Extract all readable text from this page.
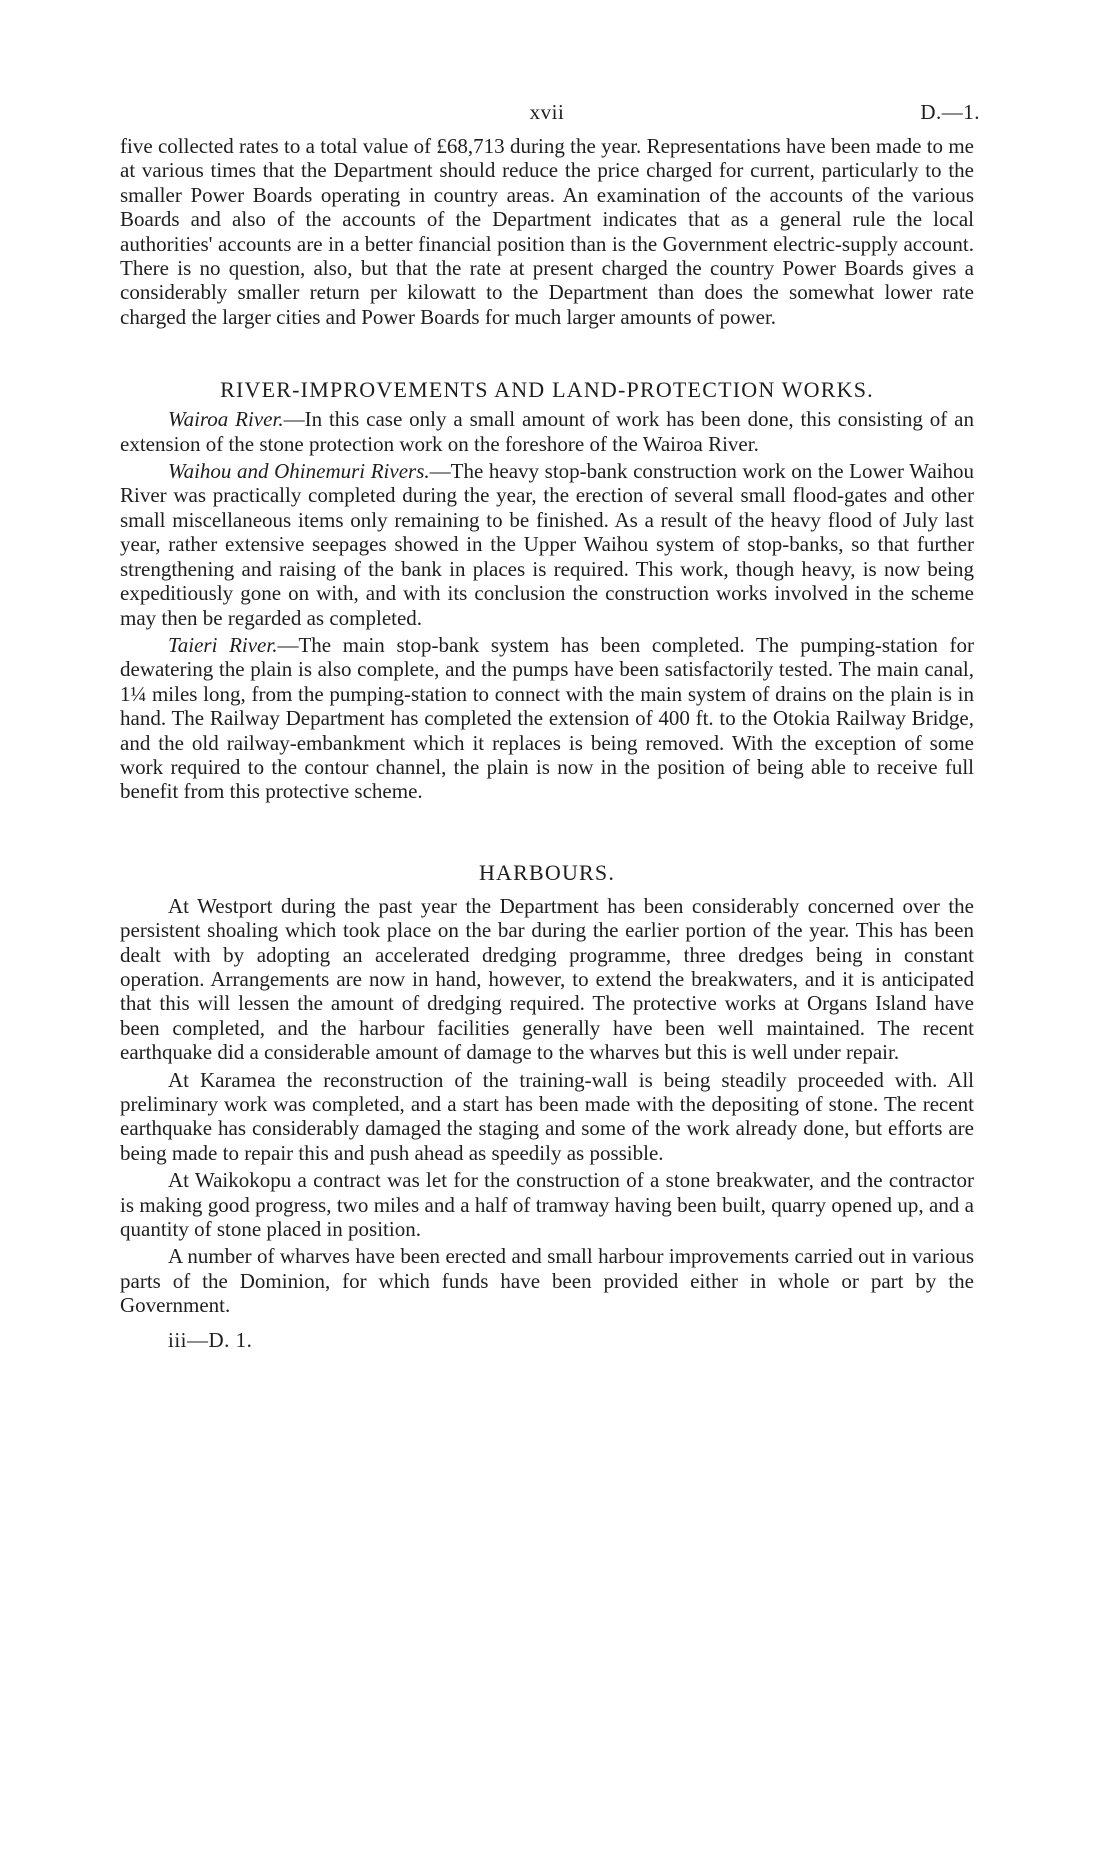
xvii	D.—1.

five collected rates to a total value of £68,713 during the year. Representations have been made to me at various times that the Department should reduce the price charged for current, particularly to the smaller Power Boards operating in country areas. An examination of the accounts of the various Boards and also of the accounts of the Department indicates that as a general rule the local authorities' accounts are in a better financial position than is the Government electric-supply account. There is no question, also, but that the rate at present charged the country Power Boards gives a considerably smaller return per kilowatt to the Department than does the somewhat lower rate charged the larger cities and Power Boards for much larger amounts of power.

RIVER-IMPROVEMENTS AND LAND-PROTECTION WORKS.

Wairoa River.—In this case only a small amount of work has been done, this consisting of an extension of the stone protection work on the foreshore of the Wairoa River.

Waihou and Ohinemuri Rivers.—The heavy stop-bank construction work on the Lower Waihou River was practically completed during the year, the erection of several small flood-gates and other small miscellaneous items only remaining to be finished. As a result of the heavy flood of July last year, rather extensive seepages showed in the Upper Waihou system of stop-banks, so that further strengthening and raising of the bank in places is required. This work, though heavy, is now being expeditiously gone on with, and with its conclusion the construction works involved in the scheme may then be regarded as completed.

Taieri River.—The main stop-bank system has been completed. The pumping-station for dewatering the plain is also complete, and the pumps have been satisfactorily tested. The main canal, 1¼ miles long, from the pumping-station to connect with the main system of drains on the plain is in hand. The Railway Department has completed the extension of 400 ft. to the Otokia Railway Bridge, and the old railway-embankment which it replaces is being removed. With the exception of some work required to the contour channel, the plain is now in the position of being able to receive full benefit from this protective scheme.

HARBOURS.

At Westport during the past year the Department has been considerably concerned over the persistent shoaling which took place on the bar during the earlier portion of the year. This has been dealt with by adopting an accelerated dredging programme, three dredges being in constant operation. Arrangements are now in hand, however, to extend the breakwaters, and it is anticipated that this will lessen the amount of dredging required. The protective works at Organs Island have been completed, and the harbour facilities generally have been well maintained. The recent earthquake did a considerable amount of damage to the wharves but this is well under repair.

At Karamea the reconstruction of the training-wall is being steadily proceeded with. All preliminary work was completed, and a start has been made with the depositing of stone. The recent earthquake has considerably damaged the staging and some of the work already done, but efforts are being made to repair this and push ahead as speedily as possible.

At Waikokopu a contract was let for the construction of a stone breakwater, and the contractor is making good progress, two miles and a half of tramway having been built, quarry opened up, and a quantity of stone placed in position.

A number of wharves have been erected and small harbour improvements carried out in various parts of the Dominion, for which funds have been provided either in whole or part by the Government.

iii—D. 1.
